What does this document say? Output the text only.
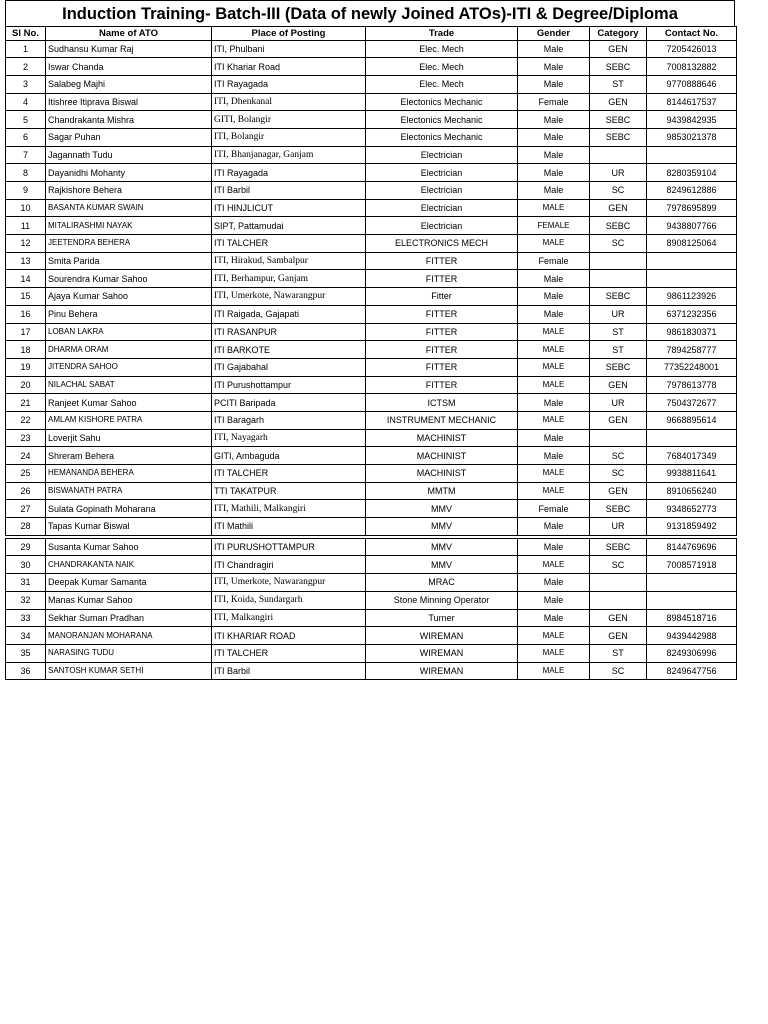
Induction Training- Batch-III (Data of newly Joined ATOs)-ITI & Degree/Diploma
Sl No.	Name of ATO	Place of Posting	Trade	Gender	Category	Contact No.
1	Sudhansu Kumar Raj	ITI, Phulbani	Elec. Mech	Male	GEN	7205426013
2	Iswar Chanda	ITI Khariar Road	Elec. Mech	Male	SEBC	7008132882
3	Salabeg Majhi	ITI Rayagada	Elec. Mech	Male	ST	9770888646
4	Itishree Itiprava Biswal	ITI, Dhenkanal	Electonics Mechanic	Female	GEN	8144617537
5	Chandrakanta Mishra	GITI, Bolangir	Electonics Mechanic	Male	SEBC	9439842935
6	Sagar Puhan	ITI, Bolangir	Electonics Mechanic	Male	SEBC	9853021378
7	Jagannath Tudu	ITI, Bhanjanagar, Ganjam	Electrician	Male		
8	Dayanidhi Mohanty	ITI Rayagada	Electrician	Male	UR	8280359104
9	Rajkishore Behera	ITI Barbil	Electrician	Male	SC	8249612886
10	BASANTA KUMAR SWAIN	ITI HINJLICUT	Electrician	MALE	GEN	7978695899
11	MITALIRASHMI NAYAK	SIPT, Pattamudai	Electrician	FEMALE	SEBC	9438807766
12	JEETENDRA BEHERA	ITI TALCHER	ELECTRONICS MECH	MALE	SC	8908125064
13	Smita Parida	ITI, Hirakud, Sambalpur	FITTER	Female		
14	Sourendra Kumar Sahoo	ITI, Berhampur, Ganjam	FITTER	Male		
15	Ajaya Kumar Sahoo	ITI, Umerkote, Nawarangpur	Fitter	Male	SEBC	9861123926
16	Pinu Behera	ITI Raigada, Gajapati	FITTER	Male	UR	6371232356
17	LOBAN LAKRA	ITI RASANPUR	FITTER	MALE	ST	9861830371
18	DHARMA ORAM	ITI BARKOTE	FITTER	MALE	ST	7894258777
19	JITENDRA SAHOO	ITI Gajabahal	FITTER	MALE	SEBC	77352248001
20	NILACHAL SABAT	ITI Purushottampur	FITTER	MALE	GEN	7978613778
21	Ranjeet Kumar Sahoo	PCITI Baripada	ICTSM	Male	UR	7504372677
22	AMLAM KISHORE PATRA	ITI Baragarh	INSTRUMENT MECHANIC	MALE	GEN	9668895614
23	Loverjit Sahu	ITI, Nayagarh	MACHINIST	Male		
24	Shreram Behera	GITI, Ambaguda	MACHINIST	Male	SC	7684017349
25	HEMANANDA BEHERA	ITI TALCHER	MACHINIST	MALE	SC	9938811641
26	BISWANATH PATRA	TTI TAKATPUR	MMTM	MALE	GEN	8910656240
27	Sulata Gopinath Moharana	ITI, Mathili, Malkangiri	MMV	Female	SEBC	9348652773
28	Tapas Kumar Biswal	ITI Mathili	MMV	Male	UR	9131859492

29	Susanta Kumar Sahoo	ITI PURUSHOTTAMPUR	MMV	Male	SEBC	8144769696
30	CHANDRAKANTA NAIK	ITI Chandragiri	MMV	MALE	SC	7008571918
31	Deepak Kumar Samanta	ITI, Umerkote, Nawarangpur	MRAC	Male		
32	Manas Kumar Sahoo	ITI, Koida, Sundargarh	Stone Minning Operator	Male		
33	Sekhar Suman Pradhan	ITI, Malkangiri	Turner	Male	GEN	8984518716
34	MANORANJAN MOHARANA	ITI KHARIAR ROAD	WIREMAN	MALE	GEN	9439442988
35	NARASING TUDU	ITI TALCHER	WIREMAN	MALE	ST	8249306996
36	SANTOSH KUMAR SETHI	ITI Barbil	WIREMAN	MALE	SC	8249647756
